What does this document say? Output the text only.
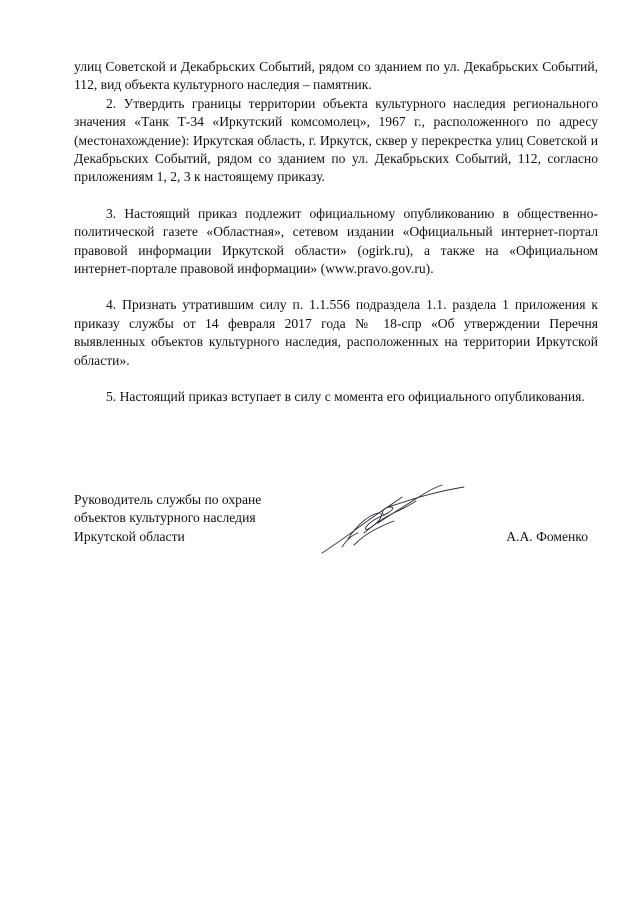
улиц Советской и Декабрьских Событий, рядом со зданием по ул. Декабрьских Событий, 112, вид объекта культурного наследия – памятник.

2. Утвердить границы территории объекта культурного наследия регионального значения «Танк Т-34 «Иркутский комсомолец», 1967 г., расположенного по адресу (местонахождение): Иркутская область, г. Иркутск, сквер у перекрестка улиц Советской и Декабрьских Событий, рядом со зданием по ул. Декабрьских Событий, 112, согласно приложениям 1, 2, 3 к настоящему приказу.

3. Настоящий приказ подлежит официальному опубликованию в общественно-политической газете «Областная», сетевом издании «Официальный интернет-портал правовой информации Иркутской области» (ogirk.ru), а также на «Официальном интернет-портале правовой информации» (www.pravo.gov.ru).

4. Признать утратившим силу п. 1.1.556 подраздела 1.1. раздела 1 приложения к приказу службы от 14 февраля 2017 года № 18-спр «Об утверждении Перечня выявленных объектов культурного наследия, расположенных на территории Иркутской области».

5. Настоящий приказ вступает в силу с момента его официального опубликования.

Руководитель службы по охране
объектов культурного наследия
Иркутской области	А.А. Фоменко
